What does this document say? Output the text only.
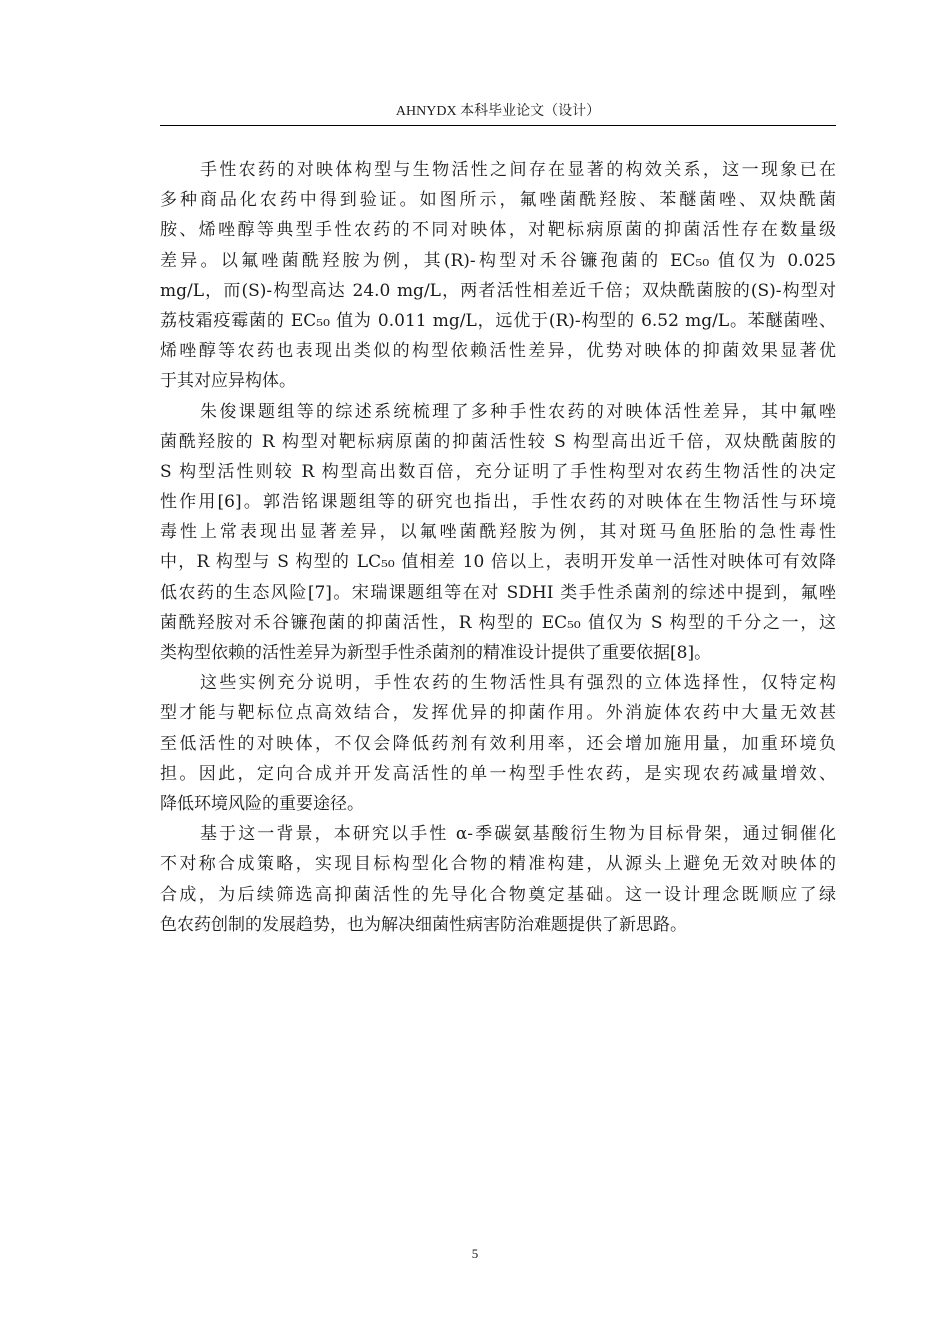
AHNYDX 本科毕业论文（设计）
手性农药的对映体构型与生物活性之间存在显著的构效关系，这一现象已在
多种商品化农药中得到验证。如图所示，氟唑菌酰羟胺、苯醚菌唑、双炔酰菌
胺、烯唑醇等典型手性农药的不同对映体，对靶标病原菌的抑菌活性存在数量级
差异。以氟唑菌酰羟胺为例，其(R)-构型对禾谷镰孢菌的 EC₅₀ 值仅为 0.025
mg/L，而(S)-构型高达 24.0 mg/L，两者活性相差近千倍；双炔酰菌胺的(S)-构型对
荔枝霜疫霉菌的 EC₅₀ 值为 0.011 mg/L，远优于(R)-构型的 6.52 mg/L。苯醚菌唑、
烯唑醇等农药也表现出类似的构型依赖活性差异，优势对映体的抑菌效果显著优
于其对应异构体。
朱俊课题组等的综述系统梳理了多种手性农药的对映体活性差异，其中氟唑
菌酰羟胺的 R 构型对靶标病原菌的抑菌活性较 S 构型高出近千倍，双炔酰菌胺的
S 构型活性则较 R 构型高出数百倍，充分证明了手性构型对农药生物活性的决定
性作用[6]。郭浩铭课题组等的研究也指出，手性农药的对映体在生物活性与环境
毒性上常表现出显著差异，以氟唑菌酰羟胺为例，其对斑马鱼胚胎的急性毒性
中，R 构型与 S 构型的 LC₅₀ 值相差 10 倍以上，表明开发单一活性对映体可有效降
低农药的生态风险[7]。宋瑞课题组等在对 SDHI 类手性杀菌剂的综述中提到，氟唑
菌酰羟胺对禾谷镰孢菌的抑菌活性，R 构型的 EC₅₀ 值仅为 S 构型的千分之一，这
类构型依赖的活性差异为新型手性杀菌剂的精准设计提供了重要依据[8]。
这些实例充分说明，手性农药的生物活性具有强烈的立体选择性，仅特定构
型才能与靶标位点高效结合，发挥优异的抑菌作用。外消旋体农药中大量无效甚
至低活性的对映体，不仅会降低药剂有效利用率，还会增加施用量，加重环境负
担。因此，定向合成并开发高活性的单一构型手性农药，是实现农药减量增效、
降低环境风险的重要途径。
基于这一背景，本研究以手性 α-季碳氨基酸衍生物为目标骨架，通过铜催化
不对称合成策略，实现目标构型化合物的精准构建，从源头上避免无效对映体的
合成，为后续筛选高抑菌活性的先导化合物奠定基础。这一设计理念既顺应了绿
色农药创制的发展趋势，也为解决细菌性病害防治难题提供了新思路。
5
